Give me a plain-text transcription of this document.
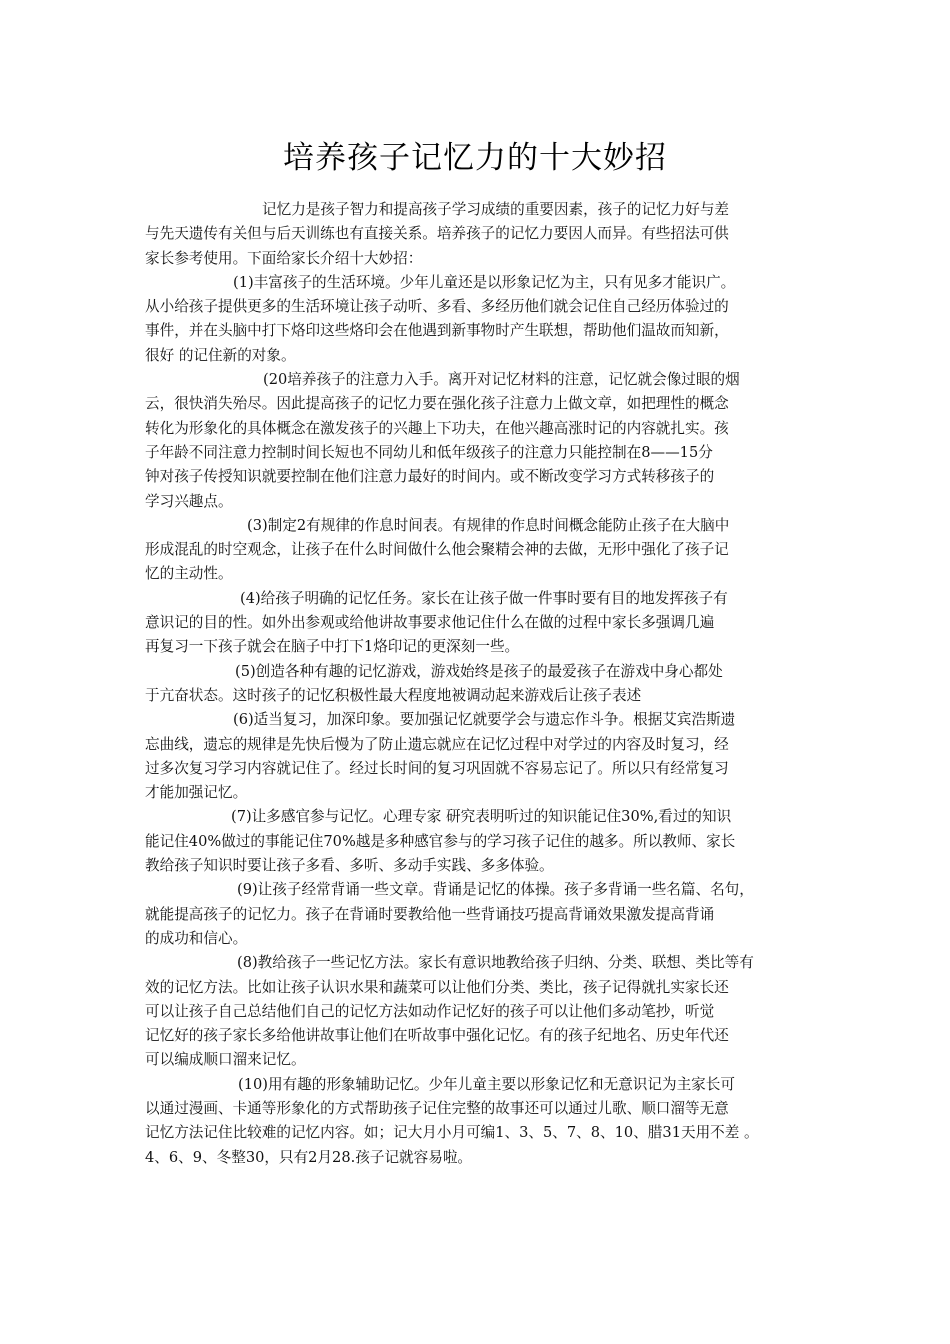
培养孩子记忆力的十大妙招
记忆力是孩子智力和提高孩子学习成绩的重要因素，孩子的记忆力好与差
与先天遗传有关但与后天训练也有直接关系。培养孩子的记忆力要因人而异。有些招法可供
家长参考使用。下面给家长介绍十大妙招：
(1)丰富孩子的生活环境。少年儿童还是以形象记忆为主，只有见多才能识广。
从小给孩子提供更多的生活环境让孩子动听、多看、多经历他们就会记住自己经历体验过的
事件，并在头脑中打下烙印这些烙印会在他遇到新事物时产生联想，帮助他们温故而知新，
很好 的记住新的对象。
(20培养孩子的注意力入手。离开对记忆材料的注意，记忆就会像过眼的烟
云，很快消失殆尽。因此提高孩子的记忆力要在强化孩子注意力上做文章，如把理性的概念
转化为形象化的具体概念在激发孩子的兴趣上下功夫，在他兴趣高涨时记的内容就扎实。孩
子年龄不同注意力控制时间长短也不同幼儿和低年级孩子的注意力只能控制在8——15分
钟对孩子传授知识就要控制在他们注意力最好的时间内。或不断改变学习方式转移孩子的
学习兴趣点。
(3)制定2有规律的作息时间表。有规律的作息时间概念能防止孩子在大脑中
形成混乱的时空观念，让孩子在什么时间做什么他会聚精会神的去做，无形中强化了孩子记
忆的主动性。
(4)给孩子明确的记忆任务。家长在让孩子做一件事时要有目的地发挥孩子有
意识记的目的性。如外出参观或给他讲故事要求他记住什么在做的过程中家长多强调几遍
再复习一下孩子就会在脑子中打下1烙印记的更深刻一些。
(5)创造各种有趣的记忆游戏，游戏始终是孩子的最爱孩子在游戏中身心都处
于亢奋状态。这时孩子的记忆积极性最大程度地被调动起来游戏后让孩子表述
(6)适当复习，加深印象。要加强记忆就要学会与遗忘作斗争。根据艾宾浩斯遗
忘曲线，遗忘的规律是先快后慢为了防止遗忘就应在记忆过程中对学过的内容及时复习，经
过多次复习学习内容就记住了。经过长时间的复习巩固就不容易忘记了。所以只有经常复习
才能加强记忆。
(7)让多感官参与记忆。心理专家 研究表明听过的知识能记住30%,看过的知识
能记住40%做过的事能记住70%越是多种感官参与的学习孩子记住的越多。所以教师、家长
教给孩子知识时要让孩子多看、多听、多动手实践、多多体验。
(9)让孩子经常背诵一些文章。背诵是记忆的体操。孩子多背诵一些名篇、名句，
就能提高孩子的记忆力。孩子在背诵时要教给他一些背诵技巧提高背诵效果激发提高背诵
的成功和信心。
(8)教给孩子一些记忆方法。家长有意识地教给孩子归纳、分类、联想、类比等有
效的记忆方法。比如让孩子认识水果和蔬菜可以让他们分类、类比，孩子记得就扎实家长还
可以让孩子自己总结他们自己的记忆方法如动作记忆好的孩子可以让他们多动笔抄，听觉
记忆好的孩子家长多给他讲故事让他们在听故事中强化记忆。有的孩子纪地名、历史年代还
可以编成顺口溜来记忆。
(10)用有趣的形象辅助记忆。少年儿童主要以形象记忆和无意识记为主家长可
以通过漫画、卡通等形象化的方式帮助孩子记住完整的故事还可以通过儿歌、顺口溜等无意
记忆方法记住比较难的记忆内容。如；记大月小月可编1、3、5、7、8、10、腊31天用不差 。
4、6、9、冬整30，只有2月28.孩子记就容易啦。
